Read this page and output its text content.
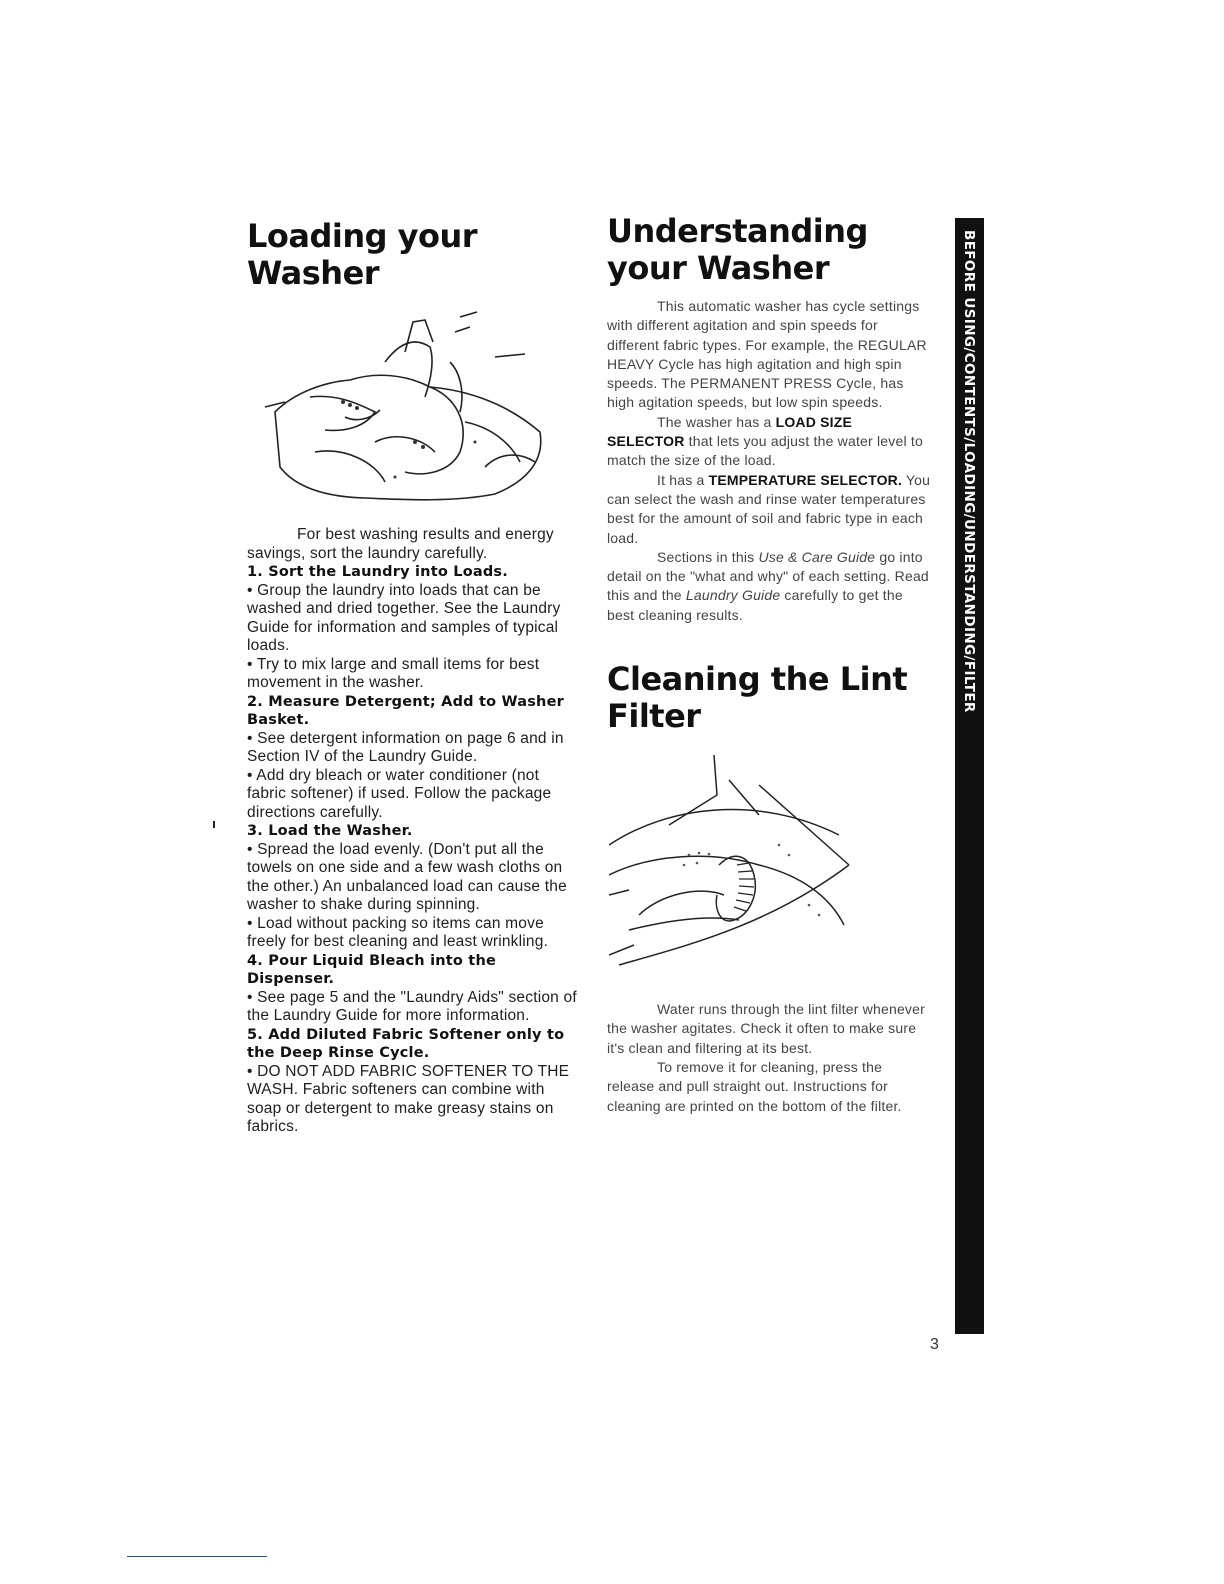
Loading your
Washer

For best washing results and energy savings, sort the laundry carefully.

1. Sort the Laundry into Loads.

• Group the laundry into loads that can be washed and dried together. See the Laundry Guide for information and samples of typical loads.

• Try to mix large and small items for best movement in the washer.

2. Measure Detergent; Add to Washer Basket.

• See detergent information on page 6 and in Section IV of the Laundry Guide.

• Add dry bleach or water conditioner (not fabric softener) if used. Follow the package directions carefully.

3. Load the Washer.

• Spread the load evenly. (Don't put all the towels on one side and a few wash cloths on the other.) An unbalanced load can cause the washer to shake during spinning.

• Load without packing so items can move freely for best cleaning and least wrinkling.

4. Pour Liquid Bleach into the Dispenser.

• See page 5 and the "Laundry Aids" section of the Laundry Guide for more information.

5. Add Diluted Fabric Softener only to the Deep Rinse Cycle.

• DO NOT ADD FABRIC SOFTENER TO THE WASH. Fabric softeners can combine with soap or detergent to make greasy stains on fabrics.

Understanding
your Washer

This automatic washer has cycle settings with different agitation and spin speeds for different fabric types. For example, the REGULAR HEAVY Cycle has high agitation and high spin speeds. The PERMANENT PRESS Cycle, has high agitation speeds, but low spin speeds.

The washer has a LOAD SIZE SELECTOR that lets you adjust the water level to match the size of the load.

It has a TEMPERATURE SELECTOR. You can select the wash and rinse water temperatures best for the amount of soil and fabric type in each load.

Sections in this Use & Care Guide go into detail on the "what and why" of each setting. Read this and the Laundry Guide carefully to get the best cleaning results.

Cleaning the Lint
Filter

Water runs through the lint filter whenever the washer agitates. Check it often to make sure it's clean and filtering at its best.

To remove it for cleaning, press the release and pull straight out. Instructions for cleaning are printed on the bottom of the filter.

BEFORE USING/CONTENTS/LOADING/UNDERSTANDING/FILTER
3
